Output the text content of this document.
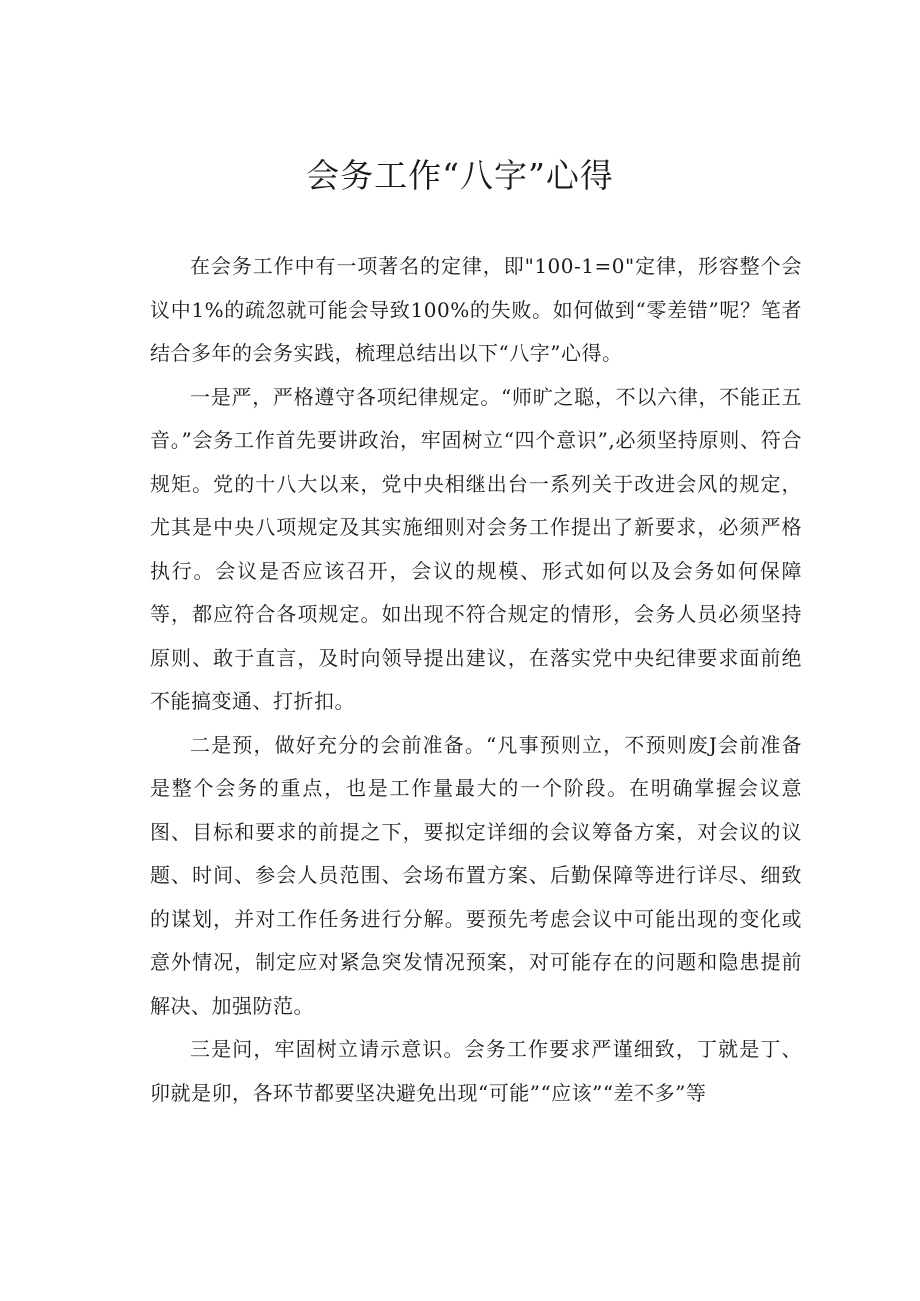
会务工作“八字”心得

在会务工作中有一项著名的定律，即"100-1=0"定律，形容整个会议中1%的疏忽就可能会导致100%的失败。如何做到“零差错”呢？笔者结合多年的会务实践，梳理总结出以下“八字”心得。

一是严，严格遵守各项纪律规定。“师旷之聪，不以六律，不能正五音。”会务工作首先要讲政治，牢固树立“四个意识”,必须坚持原则、符合规矩。党的十八大以来，党中央相继出台一系列关于改进会风的规定，尤其是中央八项规定及其实施细则对会务工作提出了新要求，必须严格执行。会议是否应该召开，会议的规模、形式如何以及会务如何保障等，都应符合各项规定。如出现不符合规定的情形，会务人员必须坚持原则、敢于直言，及时向领导提出建议，在落实党中央纪律要求面前绝不能搞变通、打折扣。

二是预，做好充分的会前准备。“凡事预则立，不预则废J会前准备是整个会务的重点，也是工作量最大的一个阶段。在明确掌握会议意图、目标和要求的前提之下，要拟定详细的会议筹备方案，对会议的议题、时间、参会人员范围、会场布置方案、后勤保障等进行详尽、细致的谋划，并对工作任务进行分解。要预先考虑会议中可能出现的变化或意外情况，制定应对紧急突发情况预案，对可能存在的问题和隐患提前解决、加强防范。

三是问，牢固树立请示意识。会务工作要求严谨细致，丁就是丁、卯就是卯，各环节都要坚决避免出现“可能”“应该”“差不多”等
